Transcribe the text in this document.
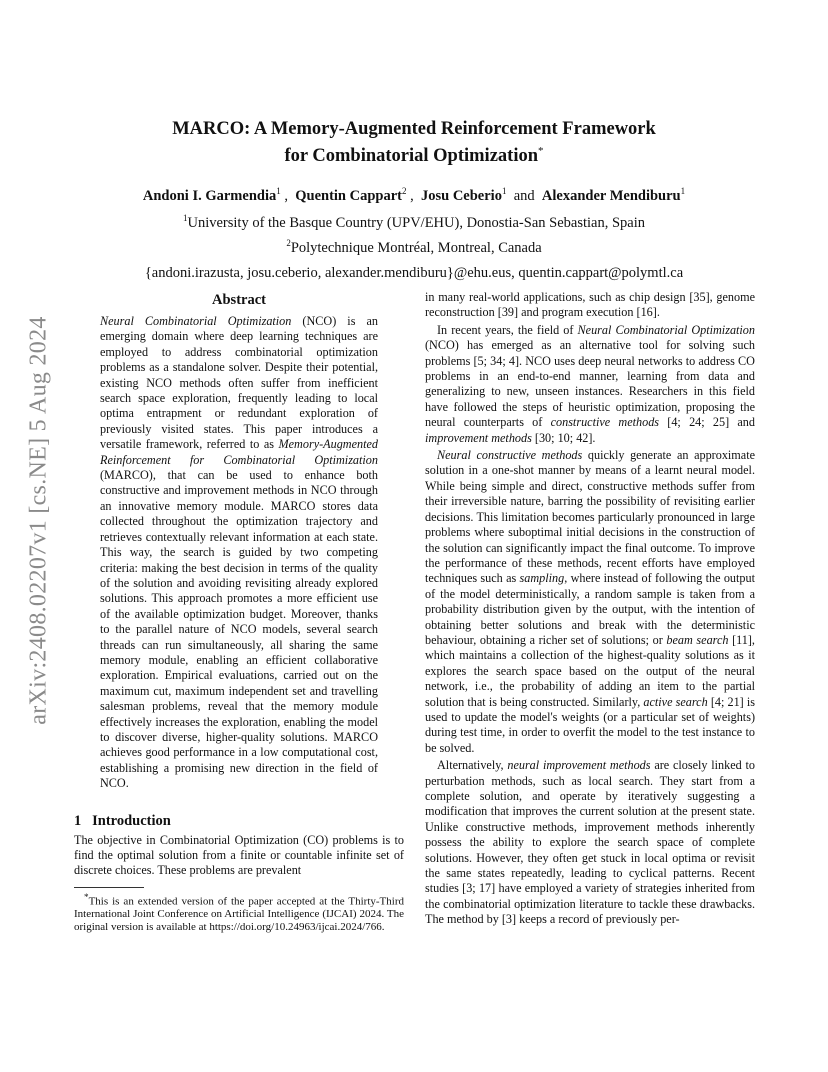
arXiv:2408.02207v1 [cs.NE] 5 Aug 2024
MARCO: A Memory-Augmented Reinforcement Framework
for Combinatorial Optimization*
Andoni I. Garmendia$^1$ ,  Quentin Cappart$^2$ ,  Josu Ceberio$^1$ and Alexander Mendiburu$^1$
$^1$University of the Basque Country (UPV/EHU), Donostia-San Sebastian, Spain
$^2$Polytechnique Montréal, Montreal, Canada
{andoni.irazusta, josu.ceberio, alexander.mendiburu}@ehu.eus, quentin.cappart@polymtl.ca
Abstract

Neural Combinatorial Optimization (NCO) is an emerging domain where deep learning techniques are employed to address combinatorial optimization problems as a standalone solver. Despite their potential, existing NCO methods often suffer from inefficient search space exploration, frequently leading to local optima entrapment or redundant exploration of previously visited states. This paper introduces a versatile framework, referred to as Memory-Augmented Reinforcement for Combinatorial Optimization (MARCO), that can be used to enhance both constructive and improvement methods in NCO through an innovative memory module. MARCO stores data collected throughout the optimization trajectory and retrieves contextually relevant information at each state. This way, the search is guided by two competing criteria: making the best decision in terms of the quality of the solution and avoiding revisiting already explored solutions. This approach promotes a more efficient use of the available optimization budget. Moreover, thanks to the parallel nature of NCO models, several search threads can run simultaneously, all sharing the same memory module, enabling an efficient collaborative exploration. Empirical evaluations, carried out on the maximum cut, maximum independent set and travelling salesman problems, reveal that the memory module effectively increases the exploration, enabling the model to discover diverse, higher-quality solutions. MARCO achieves good performance in a low computational cost, establishing a promising new direction in the field of NCO.

1 Introduction

The objective in Combinatorial Optimization (CO) problems is to find the optimal solution from a finite or countable infinite set of discrete choices. These problems are prevalent

*This is an extended version of the paper accepted at the Thirty-Third International Joint Conference on Artificial Intelligence (IJCAI) 2024. The original version is available at https://doi.org/10.24963/ijcai.2024/766.

in many real-world applications, such as chip design [35], genome reconstruction [39] and program execution [16].

In recent years, the field of Neural Combinatorial Optimization (NCO) has emerged as an alternative tool for solving such problems [5; 34; 4]. NCO uses deep neural networks to address CO problems in an end-to-end manner, learning from data and generalizing to new, unseen instances. Researchers in this field have followed the steps of heuristic optimization, proposing the neural counterparts of constructive methods [4; 24; 25] and improvement methods [30; 10; 42].

Neural constructive methods quickly generate an approximate solution in a one-shot manner by means of a learnt neural model. While being simple and direct, constructive methods suffer from their irreversible nature, barring the possibility of revisiting earlier decisions. This limitation becomes particularly pronounced in large problems where suboptimal initial decisions in the construction of the solution can significantly impact the final outcome. To improve the performance of these methods, recent efforts have employed techniques such as sampling, where instead of following the output of the model deterministically, a random sample is taken from a probability distribution given by the output, with the intention of obtaining better solutions and break with the deterministic behaviour, obtaining a richer set of solutions; or beam search [11], which maintains a collection of the highest-quality solutions as it explores the search space based on the output of the neural network, i.e., the probability of adding an item to the partial solution that is being constructed. Similarly, active search [4; 21] is used to update the model's weights (or a particular set of weights) during test time, in order to overfit the model to the test instance to be solved.

Alternatively, neural improvement methods are closely linked to perturbation methods, such as local search. They start from a complete solution, and operate by iteratively suggesting a modification that improves the current solution at the present state. Unlike constructive methods, improvement methods inherently possess the ability to explore the search space of complete solutions. However, they often get stuck in local optima or revisit the same states repeatedly, leading to cyclical patterns. Recent studies [3; 17] have employed a variety of strategies inherited from the combinatorial optimization literature to tackle these drawbacks. The method by [3] keeps a record of previously per-
